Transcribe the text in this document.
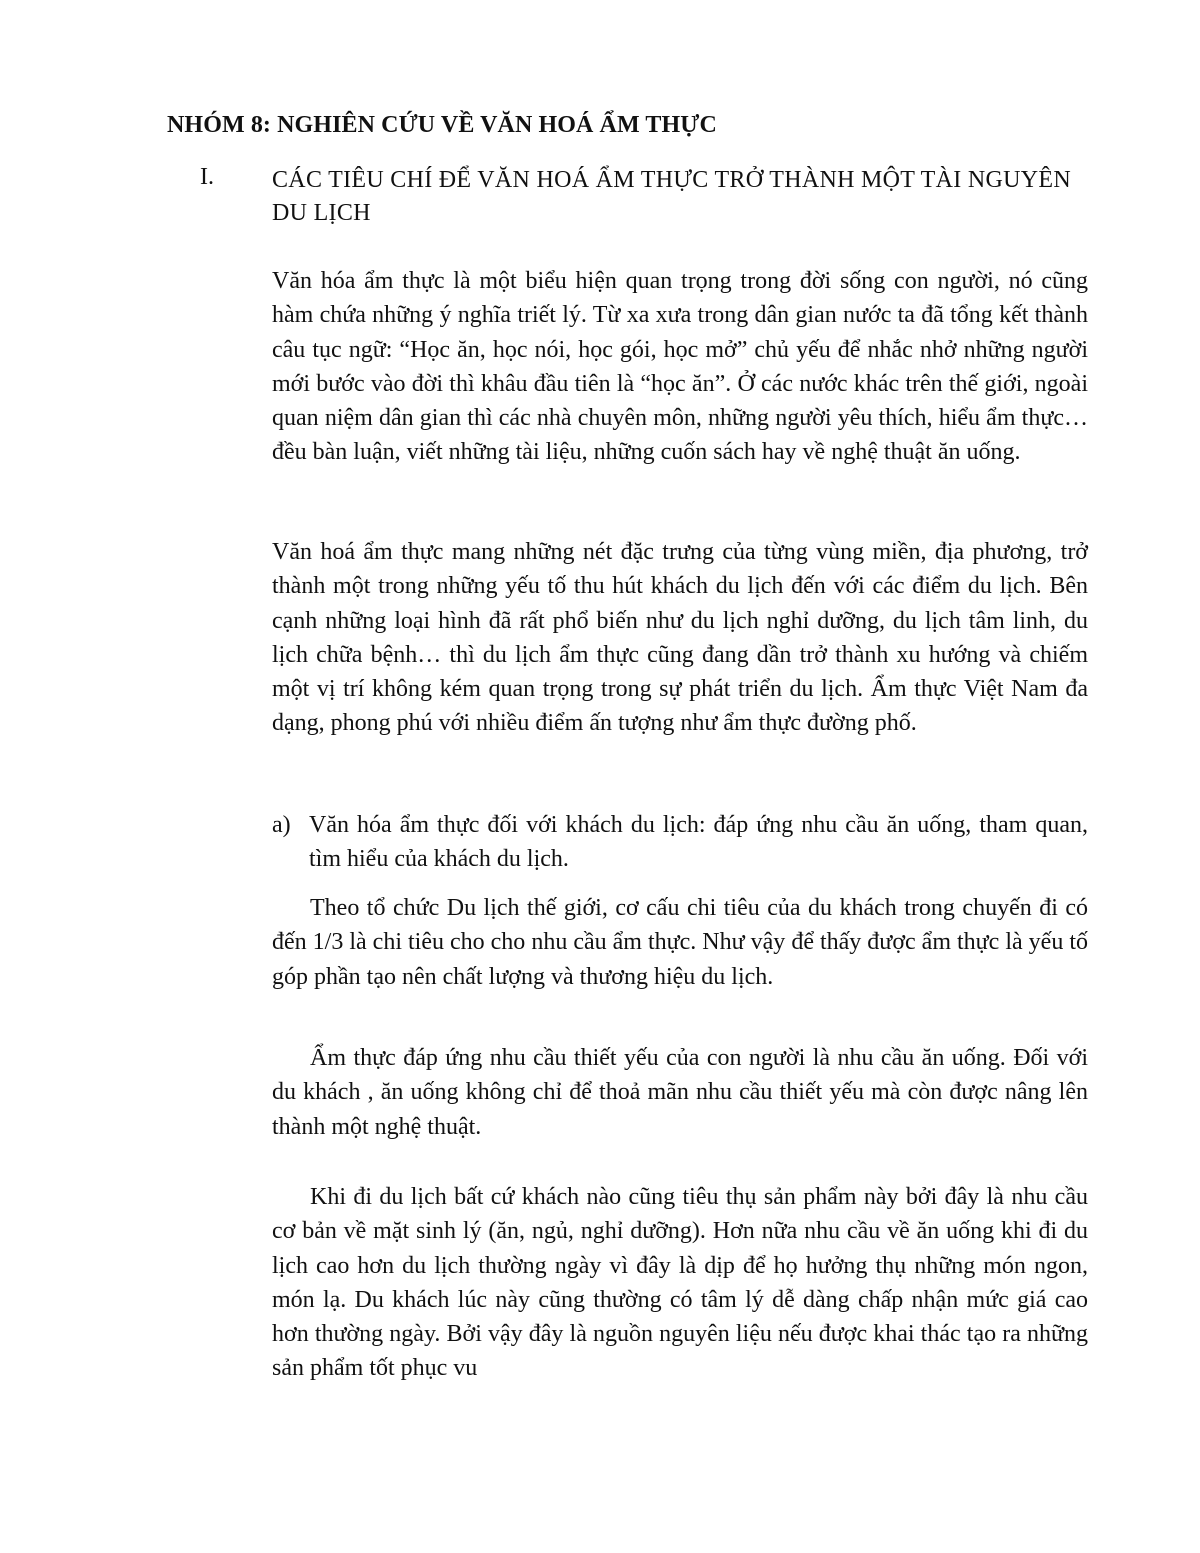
NHÓM 8: NGHIÊN CỨU VỀ VĂN HOÁ ẨM THỰC
I. CÁC TIÊU CHÍ ĐỂ VĂN HOÁ ẨM THỰC TRỞ THÀNH MỘT TÀI NGUYÊN DU LỊCH

Văn hóa ẩm thực là một biểu hiện quan trọng trong đời sống con người, nó cũng hàm chứa những ý nghĩa triết lý. Từ xa xưa trong dân gian nước ta đã tổng kết thành câu tục ngữ: “Học ăn, học nói, học gói, học mở” chủ yếu để nhắc nhở những người mới bước vào đời thì khâu đầu tiên là “học ăn”. Ở các nước khác trên thế giới, ngoài quan niệm dân gian thì các nhà chuyên môn, những người yêu thích, hiểu ẩm thực… đều bàn luận, viết những tài liệu, những cuốn sách hay về nghệ thuật ăn uống.

Văn hoá ẩm thực mang những nét đặc trưng của từng vùng miền, địa phương, trở thành một trong những yếu tố thu hút khách du lịch đến với các điểm du lịch. Bên cạnh những loại hình đã rất phổ biến như du lịch nghỉ dưỡng, du lịch tâm linh, du lịch chữa bệnh… thì du lịch ẩm thực cũng đang dần trở thành xu hướng và chiếm một vị trí không kém quan trọng trong sự phát triển du lịch. Ẩm thực Việt Nam đa dạng, phong phú với nhiều điểm ấn tượng như ẩm thực đường phố.

a) Văn hóa ẩm thực đối với khách du lịch: đáp ứng nhu cầu ăn uống, tham quan, tìm hiểu của khách du lịch.

Theo tổ chức Du lịch thế giới, cơ cấu chi tiêu của du khách trong chuyến đi có đến 1/3 là chi tiêu cho cho nhu cầu ẩm thực. Như vậy để thấy được ẩm thực là yếu tố góp phần tạo nên chất lượng và thương hiệu du lịch.

Ẩm thực đáp ứng nhu cầu thiết yếu của con người là nhu cầu ăn uống. Đối với du khách , ăn uống không chỉ để thoả mãn nhu cầu thiết yếu mà còn được nâng lên thành một nghệ thuật.

Khi đi du lịch bất cứ khách nào cũng tiêu thụ sản phẩm này bởi đây là nhu cầu cơ bản về mặt sinh lý (ăn, ngủ, nghỉ dưỡng). Hơn nữa nhu cầu về ăn uống khi đi du lịch cao hơn du lịch thường ngày vì đây là dịp để họ hưởng thụ những món ngon, món lạ. Du khách lúc này cũng thường có tâm lý dễ dàng chấp nhận mức giá cao hơn thường ngày. Bởi vậy đây là nguồn nguyên liệu nếu được khai thác tạo ra những sản phẩm tốt phục vu
